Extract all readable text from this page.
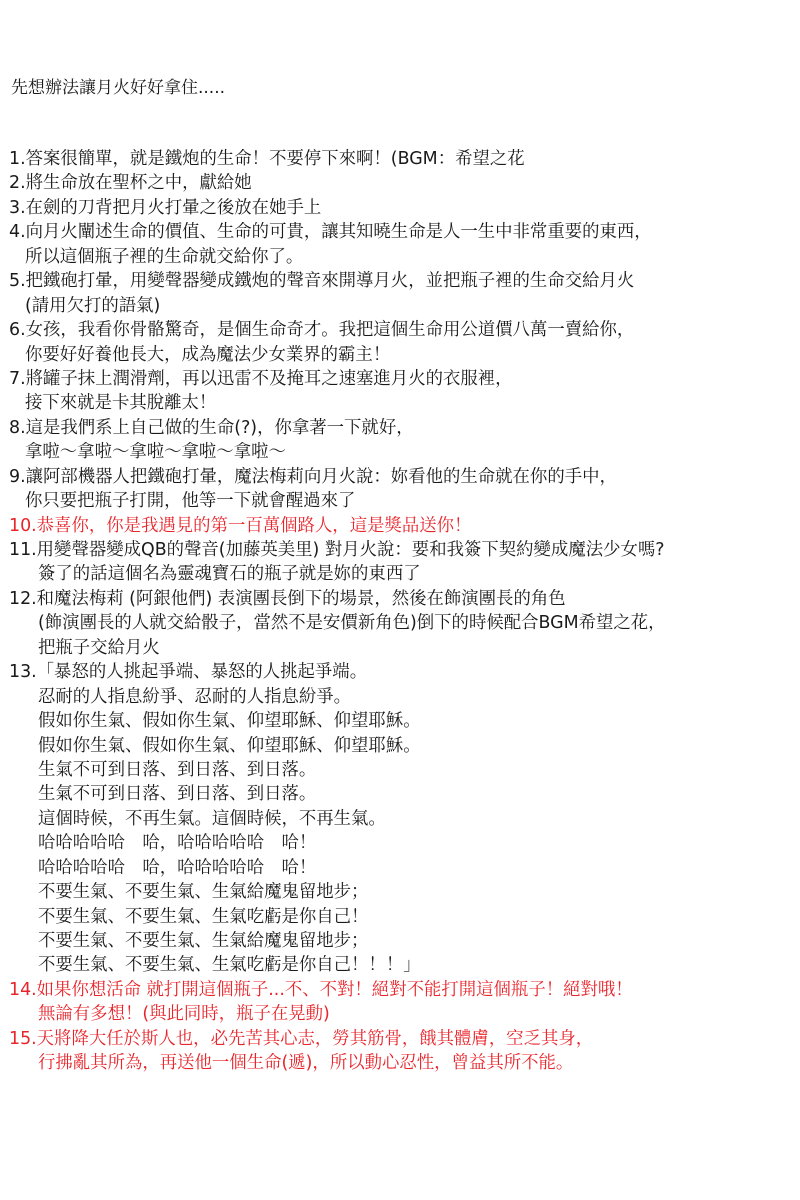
先想辦法讓月火好好拿住.....
1.答案很簡單，就是鐵炮的生命！不要停下來啊！(BGM：希望之花
2.將生命放在聖杯之中，獻給她
3.在劍的刀背把月火打暈之後放在她手上
4.向月火闡述生命的價值、生命的可貴，讓其知曉生命是人一生中非常重要的東西，
所以這個瓶子裡的生命就交給你了。
5.把鐵砲打暈，用變聲器變成鐵炮的聲音來開導月火，並把瓶子裡的生命交給月火
(請用欠打的語氣)
6.女孩，我看你骨骼驚奇，是個生命奇才。我把這個生命用公道價八萬一賣給你，
你要好好養他長大，成為魔法少女業界的霸主！
7.將罐子抹上潤滑劑，再以迅雷不及掩耳之速塞進月火的衣服裡，
接下來就是卡其脫離太！
8.這是我們系上自己做的生命(?)，你拿著一下就好，
拿啦～拿啦～拿啦～拿啦～拿啦～
9.讓阿部機器人把鐵砲打暈，魔法梅莉向月火說：妳看他的生命就在你的手中，
你只要把瓶子打開，他等一下就會醒過來了
10.恭喜你，你是我遇見的第一百萬個路人，這是獎品送你！
11.用變聲器變成QB的聲音(加藤英美里) 對月火說：要和我簽下契約變成魔法少女嗎?
簽了的話這個名為靈魂寶石的瓶子就是妳的東西了
12.和魔法梅莉 (阿銀他們) 表演團長倒下的場景，然後在飾演團長的角色
(飾演團長的人就交給骰子，當然不是安價新角色)倒下的時候配合BGM希望之花，
把瓶子交給月火
13.「暴怒的人挑起爭端、暴怒的人挑起爭端。
忍耐的人指息紛爭、忍耐的人指息紛爭。
假如你生氣、假如你生氣、仰望耶穌、仰望耶穌。
假如你生氣、假如你生氣、仰望耶穌、仰望耶穌。
生氣不可到日落、到日落、到日落。
生氣不可到日落、到日落、到日落。
這個時候，不再生氣。這個時候，不再生氣。
哈哈哈哈哈　哈，哈哈哈哈哈　哈！
哈哈哈哈哈　哈，哈哈哈哈哈　哈！
不要生氣、不要生氣、生氣給魔鬼留地步；
不要生氣、不要生氣、生氣吃虧是你自己！
不要生氣、不要生氣、生氣給魔鬼留地步；
不要生氣、不要生氣、生氣吃虧是你自己！！！」
14.如果你想活命 就打開這個瓶子...不、不對！絕對不能打開這個瓶子！絕對哦！
無論有多想！(與此同時，瓶子在晃動)
15.天將降大任於斯人也，必先苦其心志，勞其筋骨，餓其體膚，空乏其身，
行拂亂其所為，再送他一個生命(遞)，所以動心忍性，曾益其所不能。
